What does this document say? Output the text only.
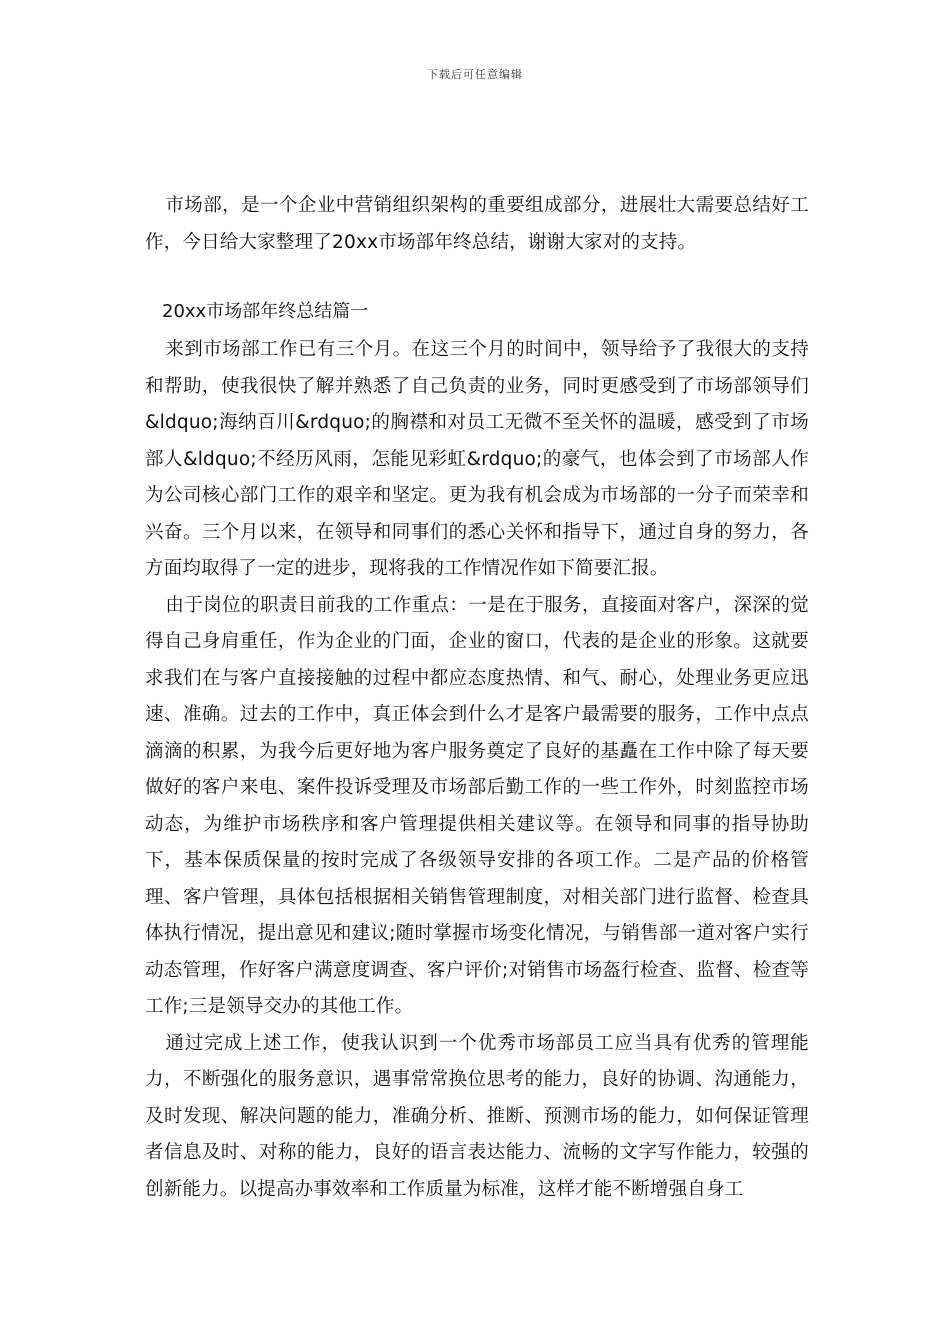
下载后可任意编辑

市场部，是一个企业中营销组织架构的重要组成部分，进展壮大需要总结好工作，今日给大家整理了20xx市场部年终总结，谢谢大家对的支持。

20xx市场部年终总结篇一

来到市场部工作已有三个月。在这三个月的时间中，领导给予了我很大的支持和帮助，使我很快了解并熟悉了自己负责的业务，同时更感受到了市场部领导们&ldquo;海纳百川&rdquo;的胸襟和对员工无微不至关怀的温暖，感受到了市场部人&ldquo;不经历风雨，怎能见彩虹&rdquo;的豪气，也体会到了市场部人作为公司核心部门工作的艰辛和坚定。更为我有机会成为市场部的一分子而荣幸和兴奋。三个月以来，在领导和同事们的悉心关怀和指导下，通过自身的努力，各方面均取得了一定的进步，现将我的工作情况作如下简要汇报。

由于岗位的职责目前我的工作重点：一是在于服务，直接面对客户，深深的觉得自己身肩重任，作为企业的门面，企业的窗口，代表的是企业的形象。这就要求我们在与客户直接接触的过程中都应态度热情、和气、耐心，处理业务更应迅速、准确。过去的工作中，真正体会到什么才是客户最需要的服务，工作中点点滴滴的积累，为我今后更好地为客户服务奠定了良好的基矗在工作中除了每天要做好的客户来电、案件投诉受理及市场部后勤工作的一些工作外，时刻监控市场动态，为维护市场秩序和客户管理提供相关建议等。在领导和同事的指导协助下，基本保质保量的按时完成了各级领导安排的各项工作。二是产品的价格管理、客户管理，具体包括根据相关销售管理制度，对相关部门进行监督、检查具体执行情况，提出意见和建议;随时掌握市场变化情况，与销售部一道对客户实行动态管理，作好客户满意度调查、客户评价;对销售市场盔行检查、监督、检查等工作;三是领导交办的其他工作。

通过完成上述工作，使我认识到一个优秀市场部员工应当具有优秀的管理能力，不断强化的服务意识，遇事常常换位思考的能力，良好的协调、沟通能力，及时发现、解决问题的能力，准确分析、推断、预测市场的能力，如何保证管理者信息及时、对称的能力，良好的语言表达能力、流畅的文字写作能力，较强的创新能力。以提高办事效率和工作质量为标准，这样才能不断增强自身工
